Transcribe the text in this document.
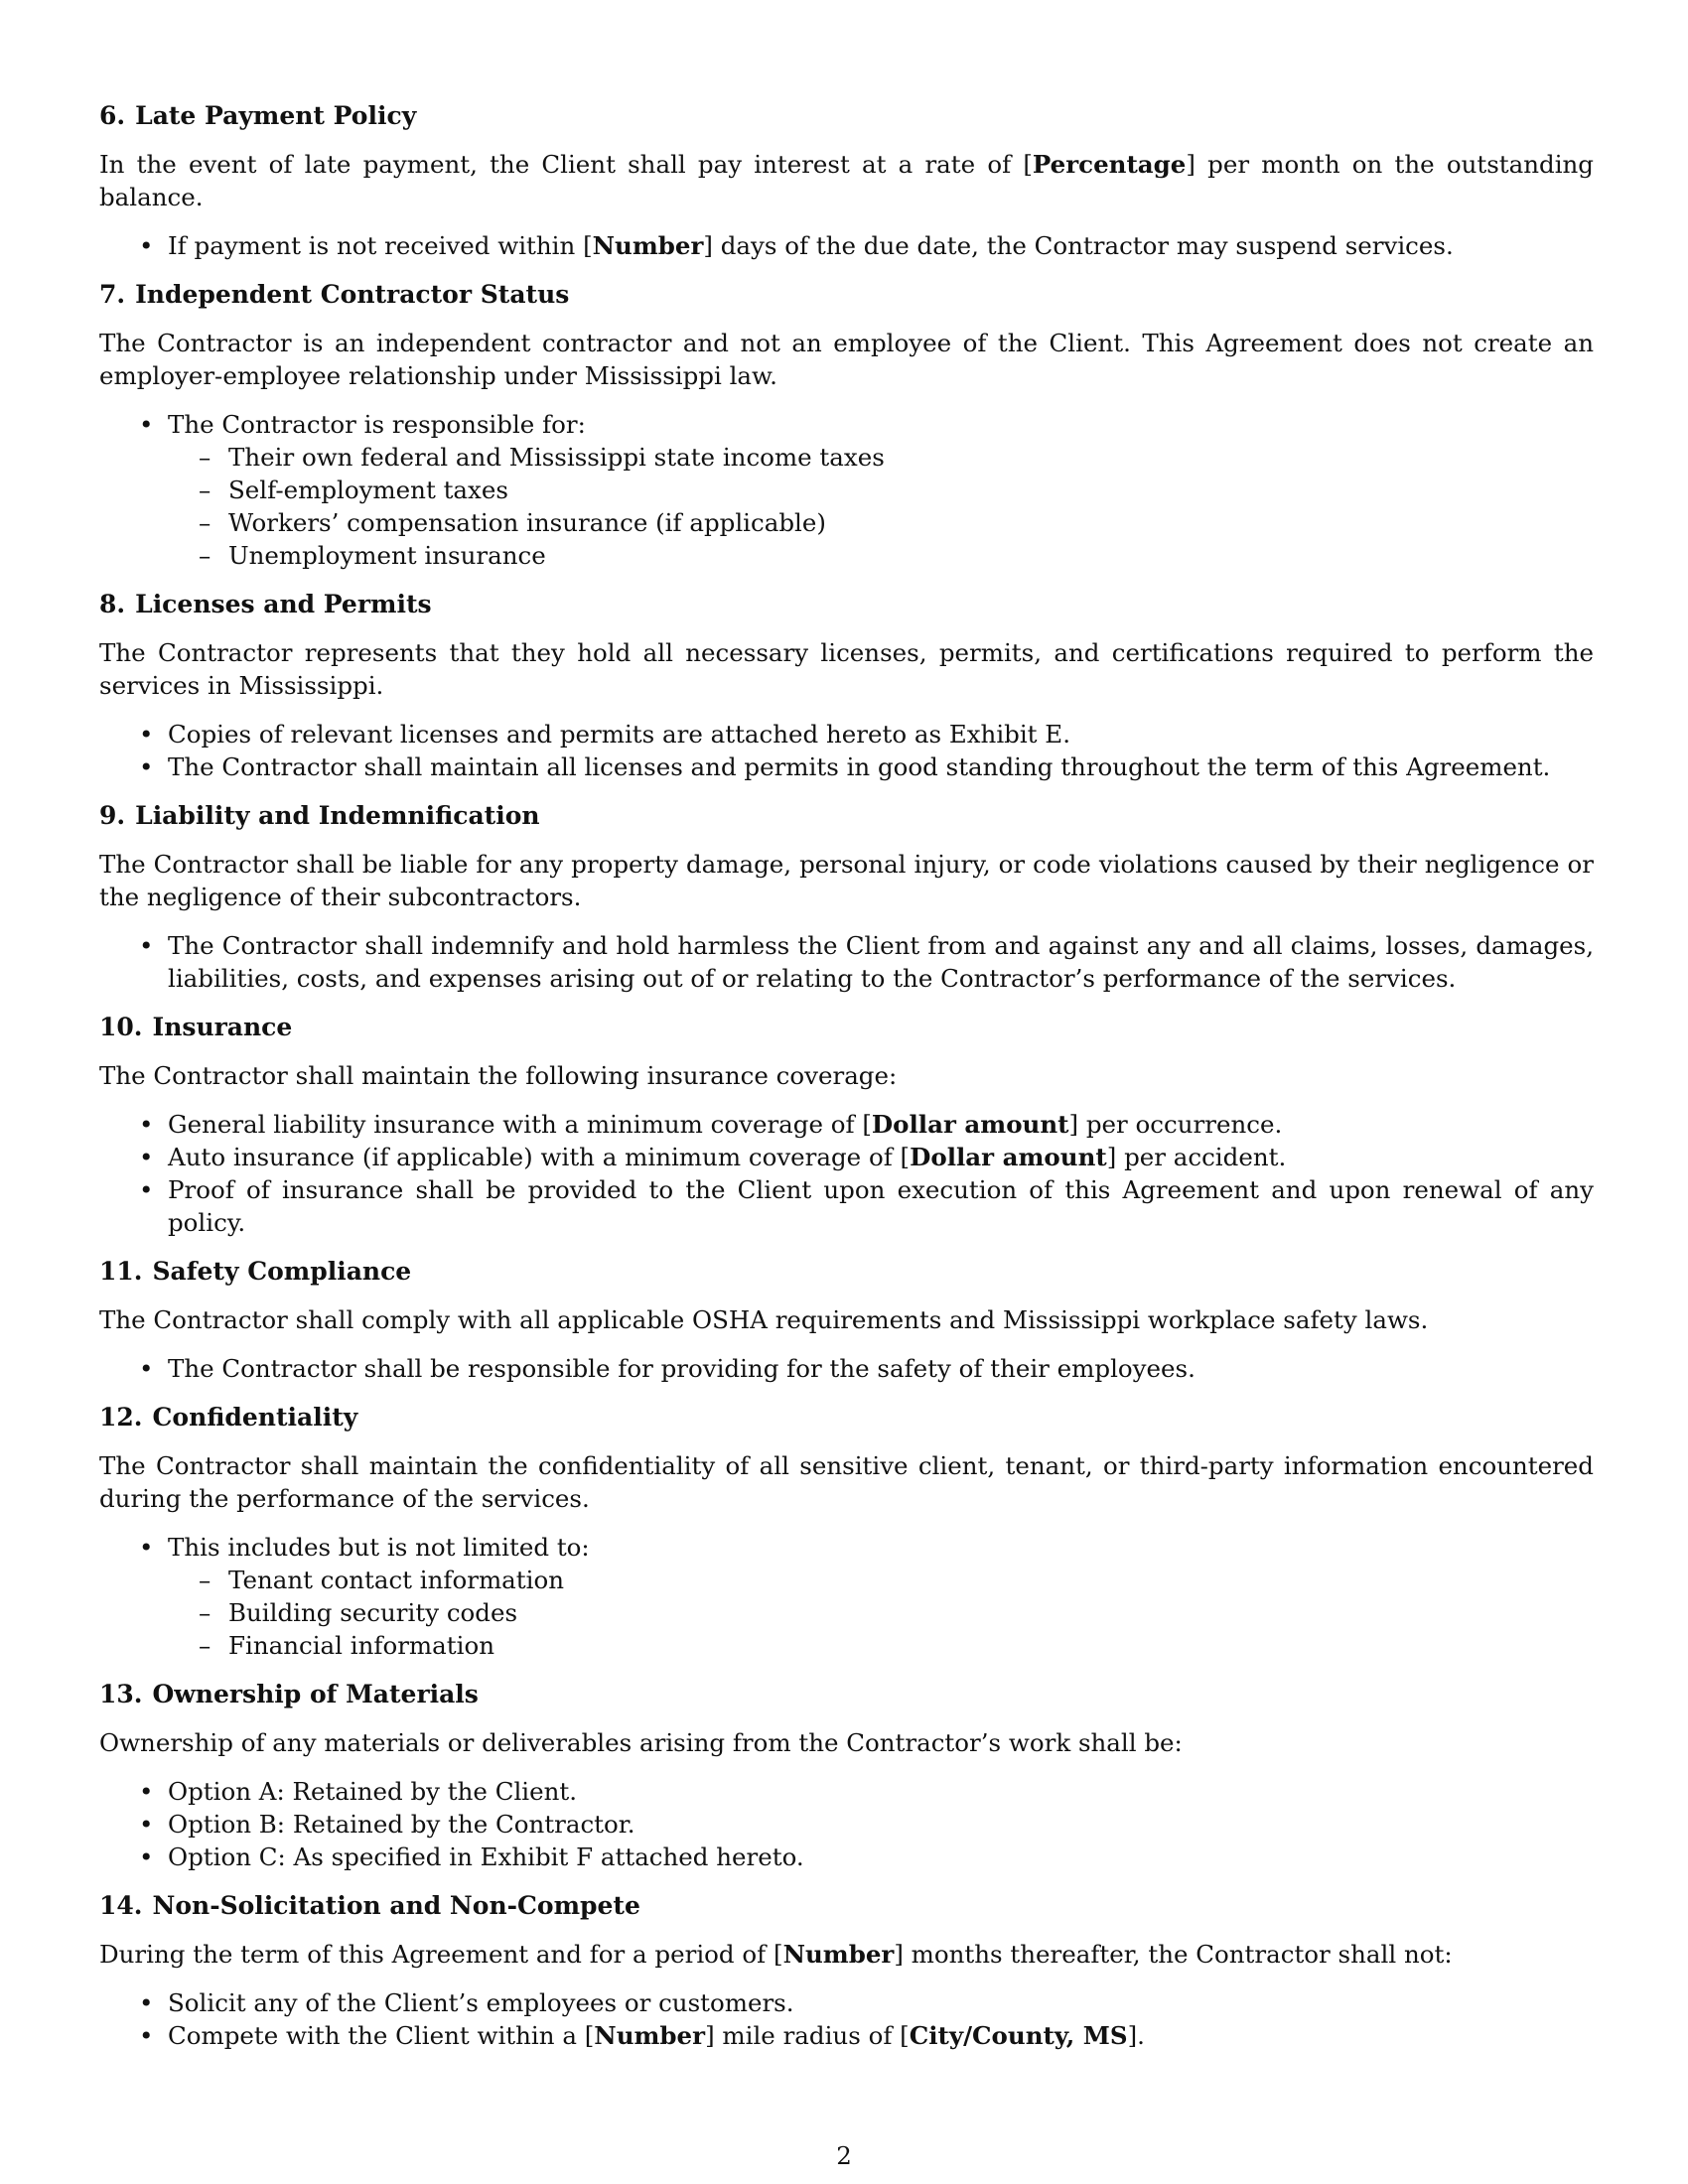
6. Late Payment Policy

In the event of late payment, the Client shall pay interest at a rate of [Percentage] per month on the outstanding balance.

• If payment is not received within [Number] days of the due date, the Contractor may suspend services.
7. Independent Contractor Status

The Contractor is an independent contractor and not an employee of the Client. This Agreement does not create an employer-employee relationship under Mississippi law.

• The Contractor is responsible for:
– Their own federal and Mississippi state income taxes
– Self-employment taxes
– Workers’ compensation insurance (if applicable)
– Unemployment insurance
8. Licenses and Permits

The Contractor represents that they hold all necessary licenses, permits, and certifications required to perform the services in Mississippi.

• Copies of relevant licenses and permits are attached hereto as Exhibit E.
• The Contractor shall maintain all licenses and permits in good standing throughout the term of this Agreement.
9. Liability and Indemnification

The Contractor shall be liable for any property damage, personal injury, or code violations caused by their negligence or the negligence of their subcontractors.

• The Contractor shall indemnify and hold harmless the Client from and against any and all claims, losses, damages, liabilities, costs, and expenses arising out of or relating to the Contractor’s performance of the services.
10. Insurance

The Contractor shall maintain the following insurance coverage:

• General liability insurance with a minimum coverage of [Dollar amount] per occurrence.
• Auto insurance (if applicable) with a minimum coverage of [Dollar amount] per accident.
• Proof of insurance shall be provided to the Client upon execution of this Agreement and upon renewal of any policy.
11. Safety Compliance

The Contractor shall comply with all applicable OSHA requirements and Mississippi workplace safety laws.

• The Contractor shall be responsible for providing for the safety of their employees.
12. Confidentiality

The Contractor shall maintain the confidentiality of all sensitive client, tenant, or third-party information encountered during the performance of the services.

• This includes but is not limited to:
– Tenant contact information
– Building security codes
– Financial information
13. Ownership of Materials

Ownership of any materials or deliverables arising from the Contractor’s work shall be:

• Option A: Retained by the Client.
• Option B: Retained by the Contractor.
• Option C: As specified in Exhibit F attached hereto.
14. Non-Solicitation and Non-Compete

During the term of this Agreement and for a period of [Number] months thereafter, the Contractor shall not:

• Solicit any of the Client’s employees or customers.
• Compete with the Client within a [Number] mile radius of [City/County, MS].
2
